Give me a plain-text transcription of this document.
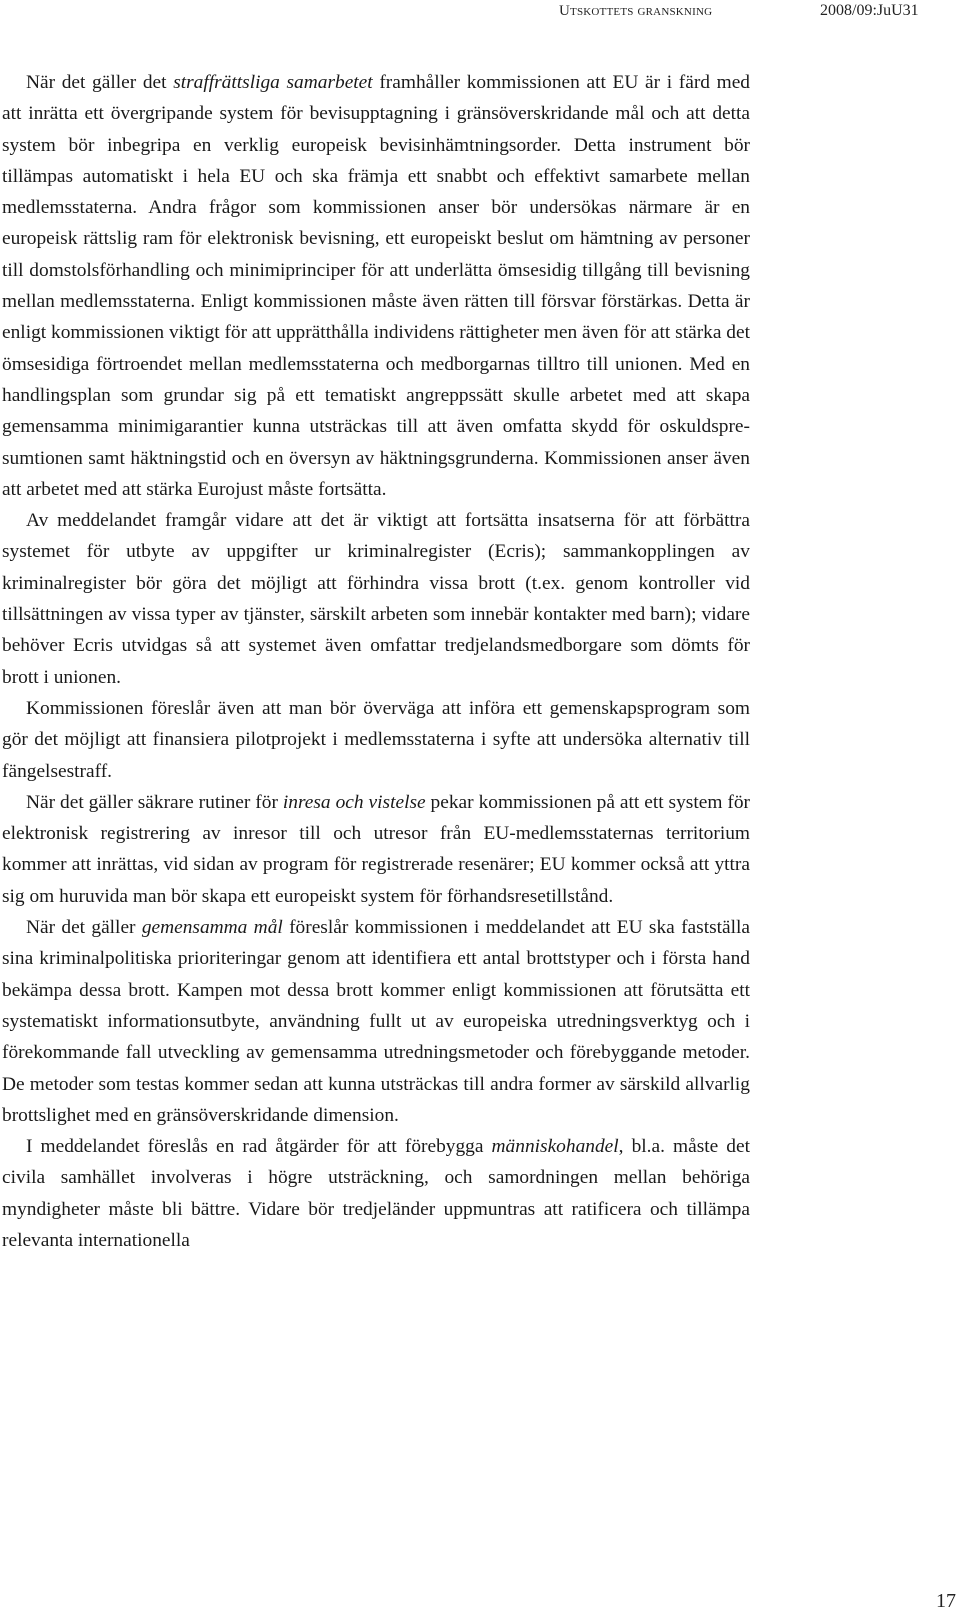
Utskottets granskning	2008/09:JuU31

När det gäller det straffrättsliga samarbetet framhåller kommissionen att EU är i färd med att inrätta ett övergripande system för bevisupptagning i gränsöverskridande mål och att detta system bör inbegripa en verklig europeisk bevisinhämtningsorder. Detta instrument bör tillämpas automatiskt i hela EU och ska främja ett snabbt och effektivt samarbete mellan medlemsstaterna. Andra frågor som kommissionen anser bör undersökas närmare är en europeisk rättslig ram för elektronisk bevisning, ett europeiskt beslut om hämtning av personer till domstolsförhandling och minimiprinciper för att underlätta ömsesidig tillgång till bevisning mellan medlemsstaterna. Enligt kommissionen måste även rätten till försvar förstärkas. Detta är enligt kommissionen viktigt för att upprätthålla individens rättigheter men även för att stärka det ömsesidiga förtroendet mellan medlemsstaterna och medborgarnas tilltro till unionen. Med en handlingsplan som grundar sig på ett tematiskt angreppssätt skulle arbetet med att skapa gemensamma minimigarantier kunna utsträckas till att även omfatta skydd för oskuldspresumtionen samt häktningstid och en översyn av häktningsgrunderna. Kommissionen anser även att arbetet med att stärka Eurojust måste fortsätta.

Av meddelandet framgår vidare att det är viktigt att fortsätta insatserna för att förbättra systemet för utbyte av uppgifter ur kriminalregister (Ecris); sammankopplingen av kriminalregister bör göra det möjligt att förhindra vissa brott (t.ex. genom kontroller vid tillsättningen av vissa typer av tjänster, särskilt arbeten som innebär kontakter med barn); vidare behöver Ecris utvidgas så att systemet även omfattar tredjelandsmedborgare som dömts för brott i unionen.

Kommissionen föreslår även att man bör överväga att införa ett gemenskapsprogram som gör det möjligt att finansiera pilotprojekt i medlemsstaterna i syfte att undersöka alternativ till fängelsestraff.

När det gäller säkrare rutiner för inresa och vistelse pekar kommissionen på att ett system för elektronisk registrering av inresor till och utresor från EU-medlemsstaternas territorium kommer att inrättas, vid sidan av program för registrerade resenärer; EU kommer också att yttra sig om huruvida man bör skapa ett europeiskt system för förhandsresetillstånd.

När det gäller gemensamma mål föreslår kommissionen i meddelandet att EU ska fastställa sina kriminalpolitiska prioriteringar genom att identifiera ett antal brottstyper och i första hand bekämpa dessa brott. Kampen mot dessa brott kommer enligt kommissionen att förutsätta ett systematiskt informationsutbyte, användning fullt ut av europeiska utredningsverktyg och i förekommande fall utveckling av gemensamma utredningsmetoder och förebyggande metoder. De metoder som testas kommer sedan att kunna utsträckas till andra former av särskild allvarlig brottslighet med en gränsöverskridande dimension.

I meddelandet föreslås en rad åtgärder för att förebygga människohandel, bl.a. måste det civila samhället involveras i högre utsträckning, och samordningen mellan behöriga myndigheter måste bli bättre. Vidare bör tredjeländer uppmuntras att ratificera och tillämpa relevanta internationella

17
